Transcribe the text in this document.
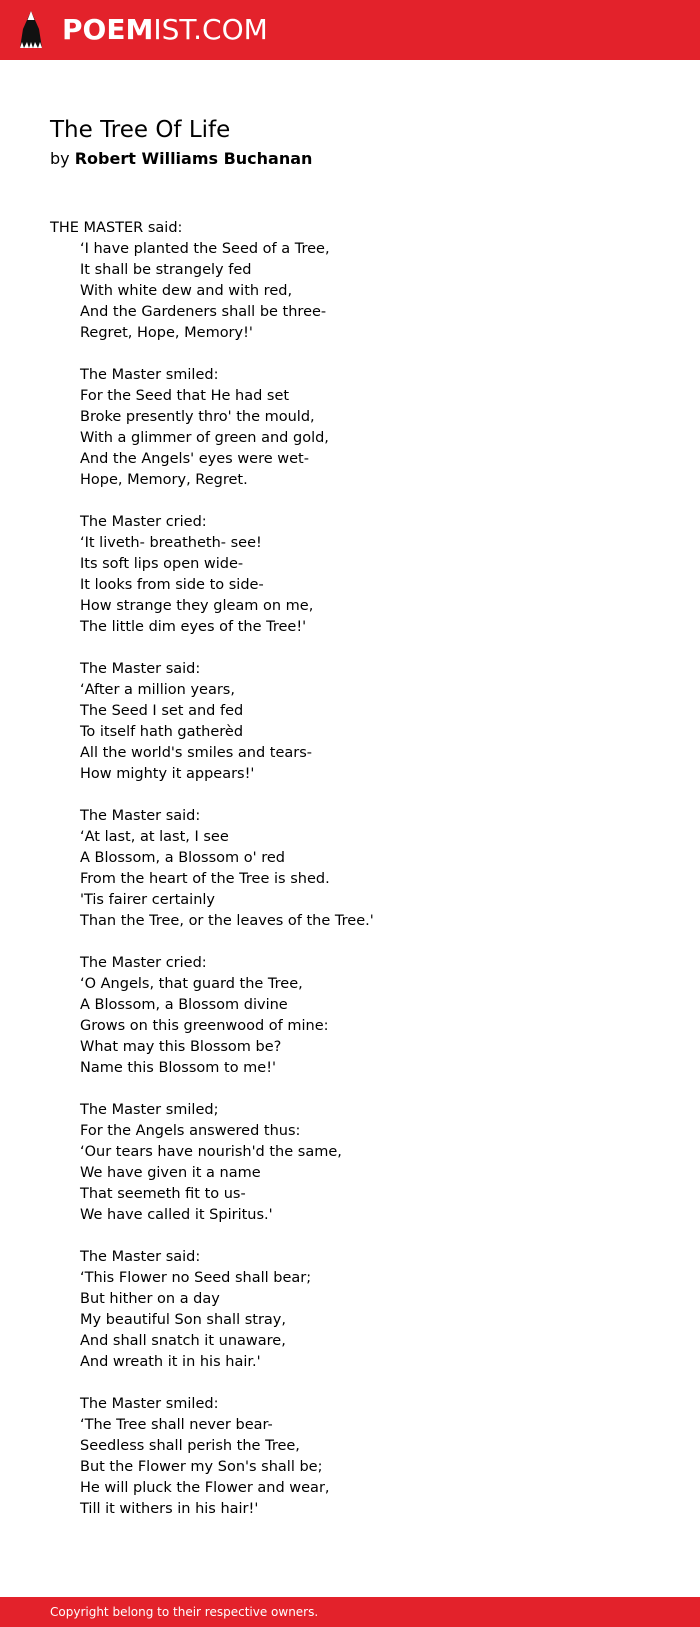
POEMIST.COM
The Tree Of Life
by Robert Williams Buchanan
THE MASTER said:
‘I have planted the Seed of a Tree,
It shall be strangely fed
With white dew and with red,
And the Gardeners shall be three-
Regret, Hope, Memory!'
The Master smiled:
For the Seed that He had set
Broke presently thro' the mould,
With a glimmer of green and gold,
And the Angels' eyes were wet-
Hope, Memory, Regret.
The Master cried:
‘It liveth- breatheth- see!
Its soft lips open wide-
It looks from side to side-
How strange they gleam on me,
The little dim eyes of the Tree!'
The Master said:
‘After a million years,
The Seed I set and fed
To itself hath gatherèd
All the world's smiles and tears-
How mighty it appears!'
The Master said:
‘At last, at last, I see
A Blossom, a Blossom o' red
From the heart of the Tree is shed.
'Tis fairer certainly
Than the Tree, or the leaves of the Tree.'
The Master cried:
‘O Angels, that guard the Tree,
A Blossom, a Blossom divine
Grows on this greenwood of mine:
What may this Blossom be?
Name this Blossom to me!'
The Master smiled;
For the Angels answered thus:
‘Our tears have nourish'd the same,
We have given it a name
That seemeth fit to us-
We have called it Spiritus.'
The Master said:
‘This Flower no Seed shall bear;
But hither on a day
My beautiful Son shall stray,
And shall snatch it unaware,
And wreath it in his hair.'
The Master smiled:
‘The Tree shall never bear-
Seedless shall perish the Tree,
But the Flower my Son's shall be;
He will pluck the Flower and wear,
Till it withers in his hair!'
Copyright belong to their respective owners.
